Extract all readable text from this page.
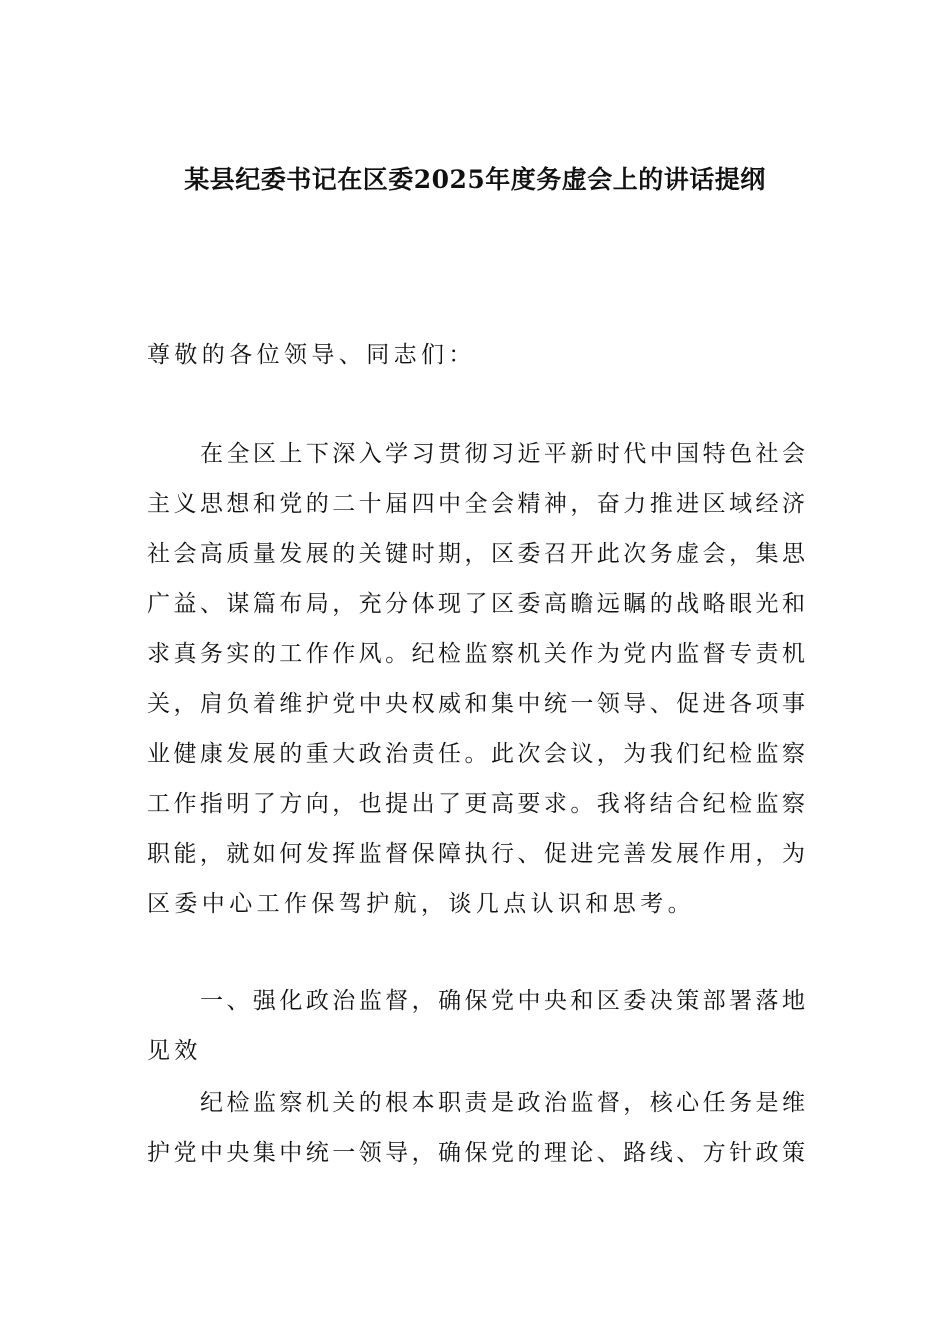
某县纪委书记在区委2025年度务虚会上的讲话提纲
尊敬的各位领导、同志们：
在全区上下深入学习贯彻习近平新时代中国特色社会
主义思想和党的二十届四中全会精神，奋力推进区域经济
社会高质量发展的关键时期，区委召开此次务虚会，集思
广益、谋篇布局，充分体现了区委高瞻远瞩的战略眼光和
求真务实的工作作风。纪检监察机关作为党内监督专责机
关，肩负着维护党中央权威和集中统一领导、促进各项事
业健康发展的重大政治责任。此次会议，为我们纪检监察
工作指明了方向，也提出了更高要求。我将结合纪检监察
职能，就如何发挥监督保障执行、促进完善发展作用，为
区委中心工作保驾护航，谈几点认识和思考。
一、强化政治监督，确保党中央和区委决策部署落地
见效
纪检监察机关的根本职责是政治监督，核心任务是维
护党中央集中统一领导，确保党的理论、路线、方针政策
